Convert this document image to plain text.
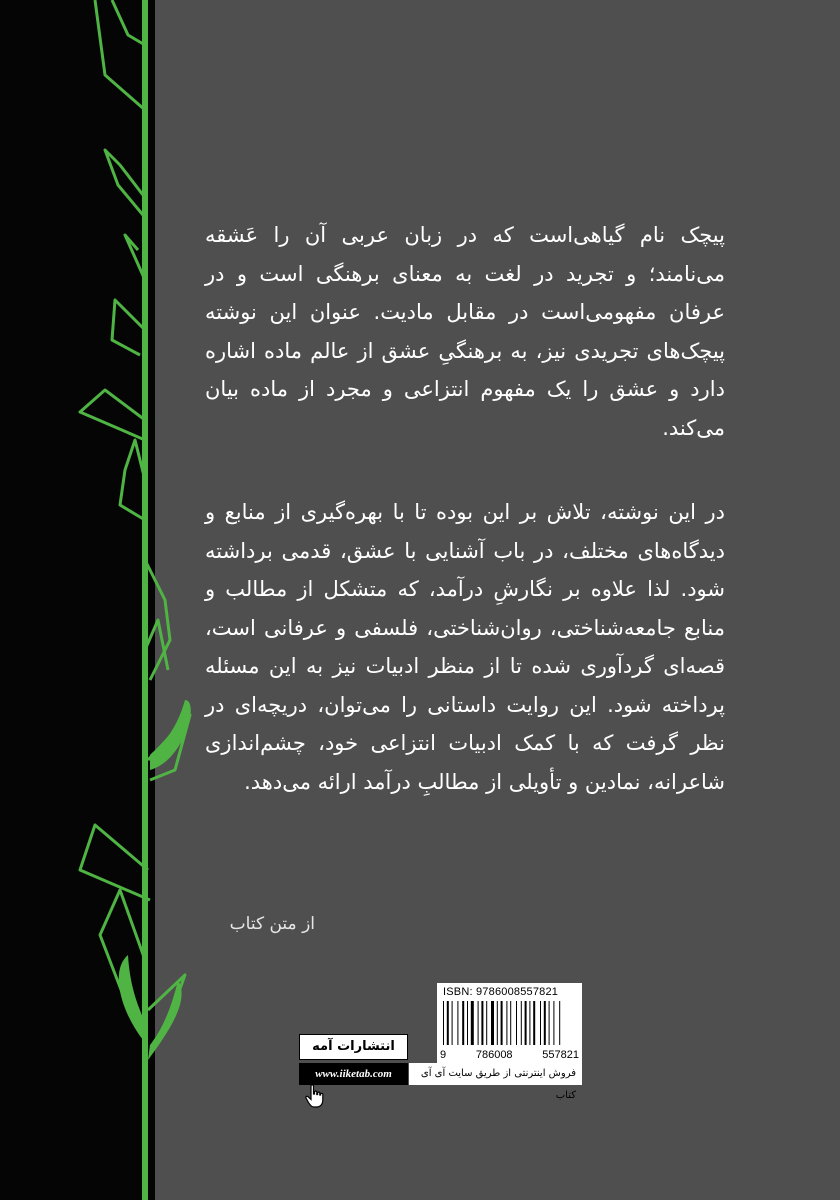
پیچک نام گیاهی‌است که در زبان عربی آن را عَشقه می‌نامند؛ و تجرید در لغت به معنای برهنگی است و در عرفان مفهومی‌است در مقابل مادیت. عنوان این نوشته پیچک‌های تجریدی نیز، به برهنگیِ عشق از عالم ماده اشاره دارد و عشق را یک مفهوم انتزاعی و مجرد از ماده بیان می‌کند.

در این نوشته، تلاش بر این بوده تا با بهره‌گیری از منابع و دیدگاه‌های مختلف، در باب آشنایی با عشق، قدمی برداشته شود. لذا علاوه بر نگارشِ درآمد، که متشکل از مطالب و منابع جامعه‌شناختی، روان‌شناختی، فلسفی و عرفانی است، قصه‌ای گردآوری شده تا از منظر ادبیات نیز به این مسئله پرداخته شود. این روایت داستانی را می‌توان، دریچه‌ای در نظر گرفت که با کمک ادبیات انتزاعی خود، چشم‌اندازی شاعرانه، نمادین و تأویلی از مطالبِ درآمد ارائه می‌دهد.

از متن کتاب
ISBN: 9786008557821
9	786008	557821
انتشارات آمه
www.iiketab.com	فروش اینترنتی از طریق سایت آی آی کتاب
